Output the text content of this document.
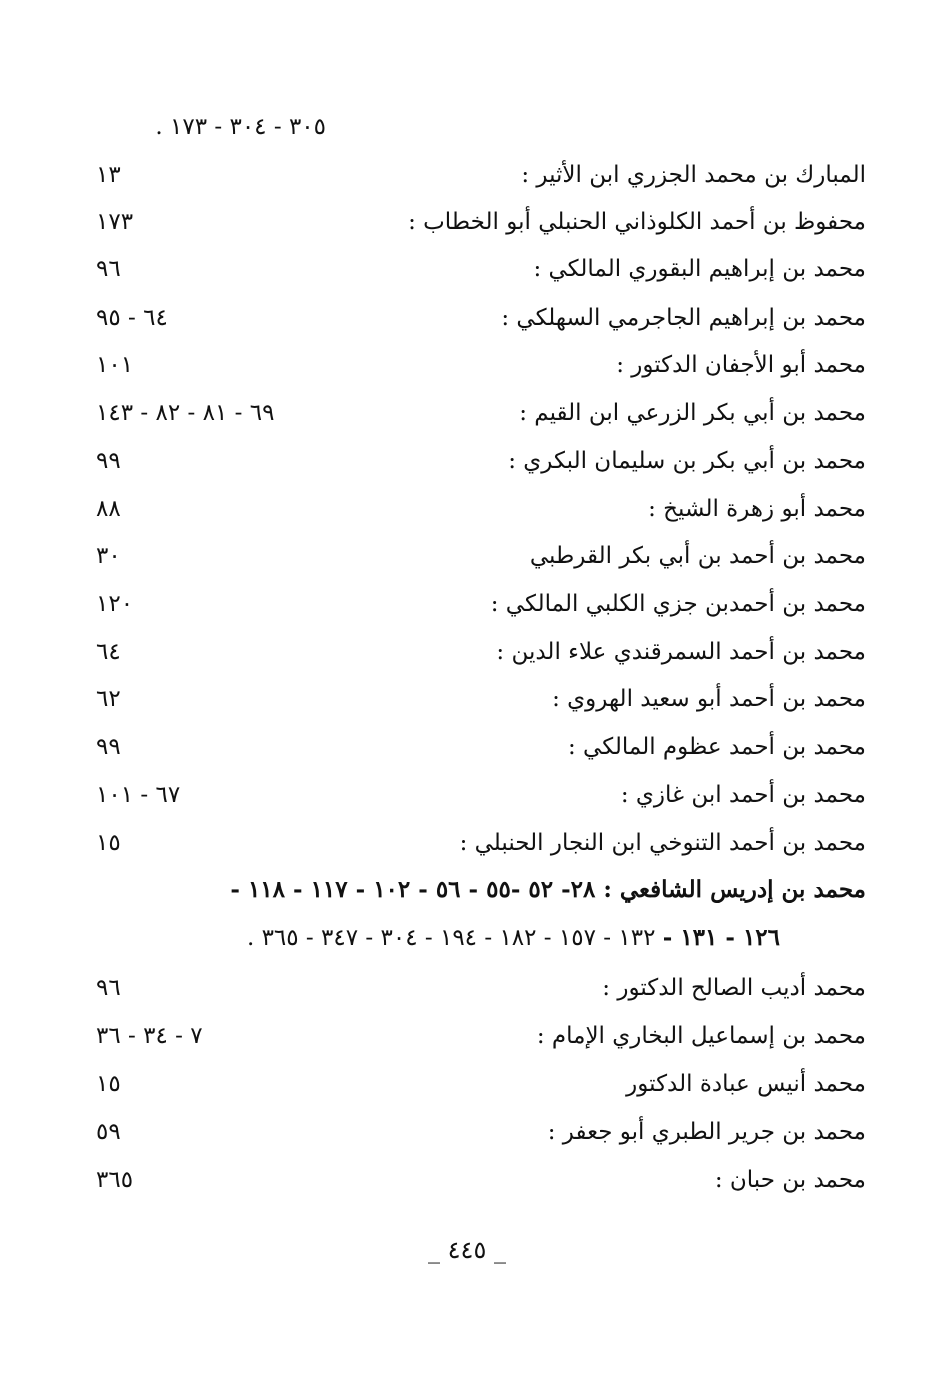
٣٠٥ - ٣٠٤ - ١٧٣ .
المبارك بن محمد الجزري ابن الأثير :
١٣
محفوظ بن أحمد الكلوذاني الحنبلي أبو الخطاب :
١٧٣
محمد بن إبراهيم البقوري المالكي :
٩٦
محمد بن إبراهيم الجاجرمي السهلكي :
٦٤ - ٩٥
محمد أبو الأجفان الدكتور :
١٠١
محمد بن أبي بكر الزرعي ابن القيم :
٦٩ - ٨١ - ٨٢ - ١٤٣
محمد بن أبي بكر بن سليمان البكري :
٩٩
محمد أبو زهرة الشيخ :
٨٨
محمد بن أحمد بن أبي بكر القرطبي
٣٠
محمد بن أحمدبن جزي الكلبي المالكي :
١٢٠
محمد بن أحمد السمرقندي علاء الدين :
٦٤
محمد بن أحمد أبو سعيد الهروي :
٦٢
محمد بن أحمد عظوم المالكي :
٩٩
محمد بن أحمد ابن غازي :
٦٧ - ١٠١
محمد بن أحمد التنوخي ابن النجار الحنبلي :
١٥
محمد بن إدريس الشافعي : ٢٨- ٥٢ -٥٥ - ٥٦ - ١٠٢ - ١١٧ - ١١٨ -
١٢٦ - ١٣١ - ١٣٢ - ١٥٧ - ١٨٢ - ١٩٤ - ٣٠٤ - ٣٤٧ - ٣٦٥ .
محمد أديب الصالح الدكتور :
٩٦
محمد بن إسماعيل البخاري الإمام :
٧ - ٣٤ - ٣٦
محمد أنيس عبادة الدكتور
١٥
محمد بن جرير الطبري أبو جعفر :
٥٩
محمد بن حبان :
٣٦٥
_ ٤٤٥ _
